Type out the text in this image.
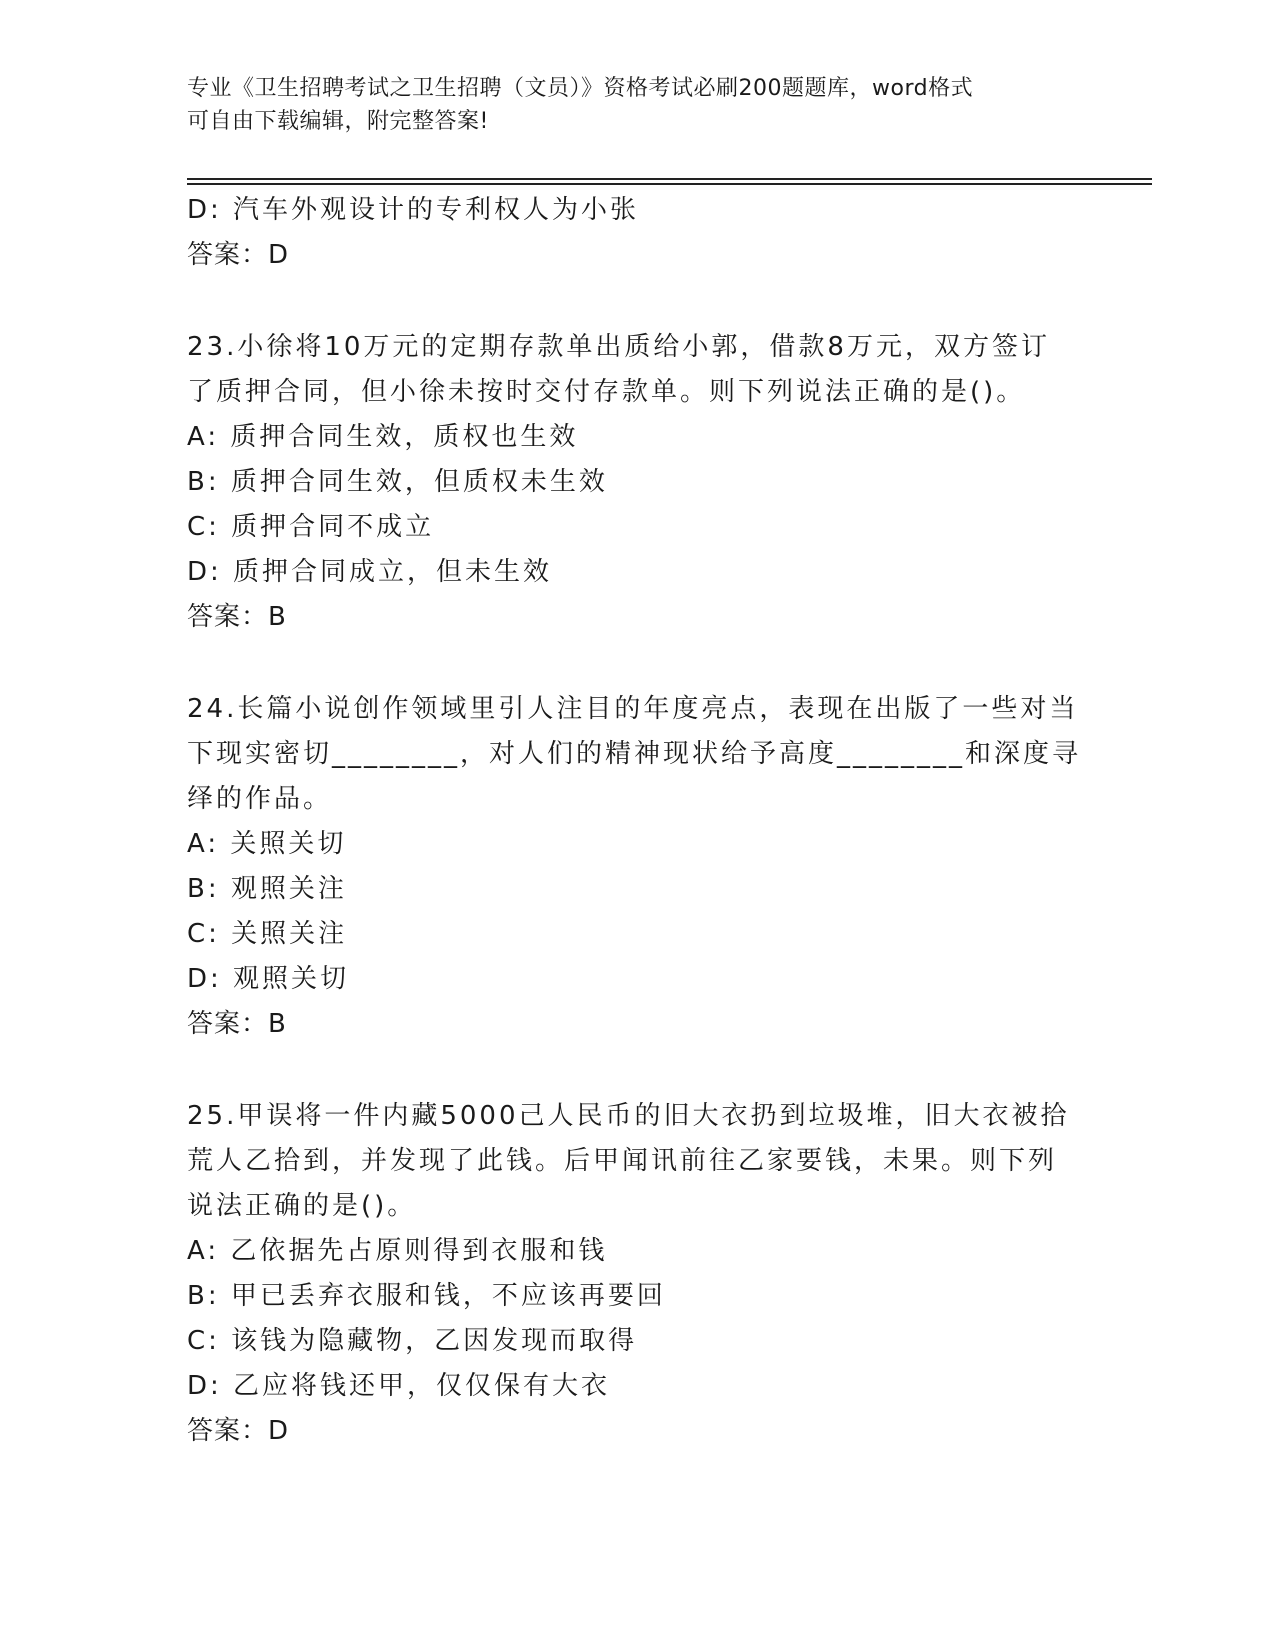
专业《卫生招聘考试之卫生招聘（文员）》资格考试必刷200题题库，word格式
可自由下载编辑，附完整答案!
D: 汽车外观设计的专利权人为小张
答案：D
23.小徐将10万元的定期存款单出质给小郭，借款8万元，双方签订
了质押合同，但小徐未按时交付存款单。则下列说法正确的是()。
A: 质押合同生效，质权也生效
B: 质押合同生效，但质权未生效
C: 质押合同不成立
D: 质押合同成立，但未生效
答案：B
24.长篇小说创作领域里引人注目的年度亮点，表现在出版了一些对当
下现实密切________，对人们的精神现状给予高度________和深度寻
绎的作品。
A: 关照关切
B: 观照关注
C: 关照关注
D: 观照关切
答案：B
25.甲误将一件内藏5000己人民币的旧大衣扔到垃圾堆，旧大衣被拾
荒人乙拾到，并发现了此钱。后甲闻讯前往乙家要钱，未果。则下列
说法正确的是()。
A: 乙依据先占原则得到衣服和钱
B: 甲已丢弃衣服和钱，不应该再要回
C: 该钱为隐藏物，乙因发现而取得
D: 乙应将钱还甲，仅仅保有大衣
答案：D
